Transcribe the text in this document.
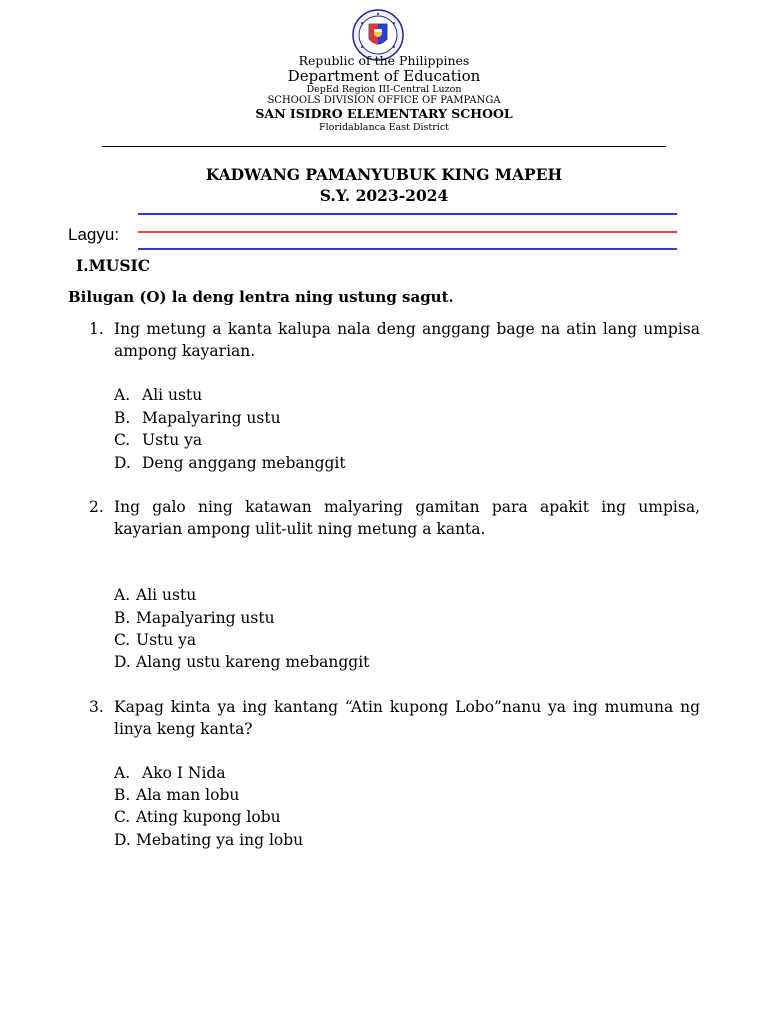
Republic of the Philippines
Department of Education
DepEd Region III-Central Luzon
SCHOOLS DIVISION OFFICE OF PAMPANGA
SAN ISIDRO ELEMENTARY SCHOOL
Floridablanca East District
KADWANG PAMANYUBUK KING MAPEH
S.Y. 2023-2024
Lagyu:
I.MUSIC
Bilugan (O) la deng lentra ning ustung sagut.
1. Ing metung a kanta kalupa nala deng anggang bage na atin lang umpisa ampong kayarian.
A. Ali ustu
B. Mapalyaring ustu
C. Ustu ya
D. Deng anggang mebanggit
2. Ing galo ning katawan malyaring gamitan para apakit ing umpisa, kayarian ampong ulit-ulit ning metung a kanta.
A. Ali ustu
B. Mapalyaring ustu
C. Ustu ya
D. Alang ustu kareng mebanggit
3. Kapag kinta ya ing kantang “Atin kupong Lobo”nanu ya ing mumuna ng linya keng kanta?
A. Ako I Nida
B. Ala man lobu
C. Ating kupong lobu
D. Mebating ya ing lobu
